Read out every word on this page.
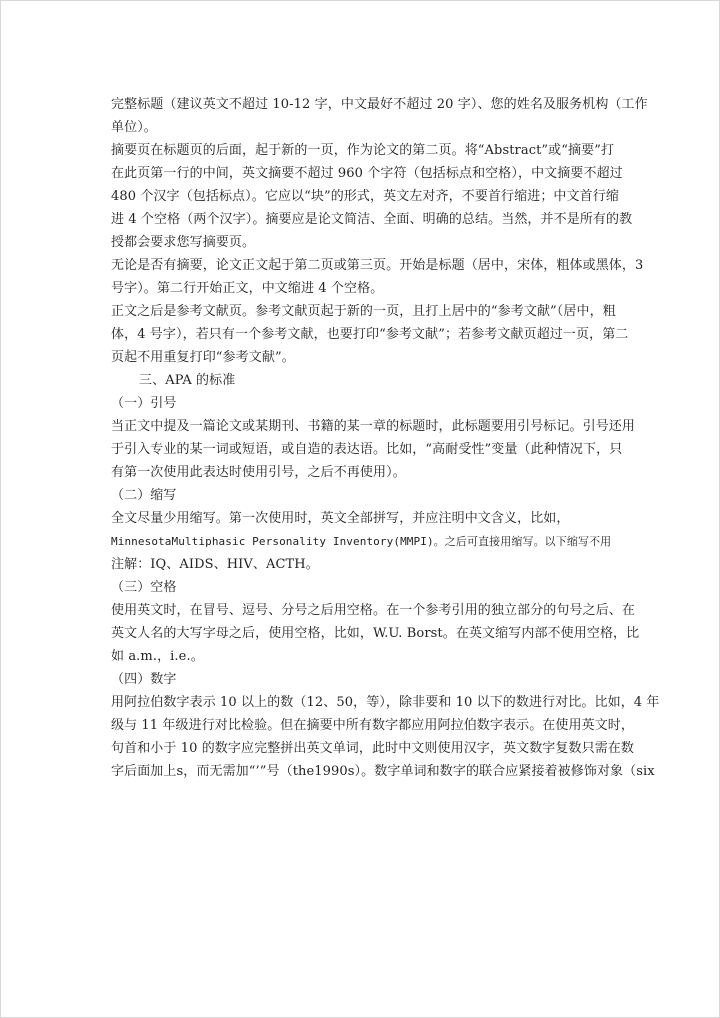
完整标题（建议英文不超过 10-12 字，中文最好不超过 20 字）、您的姓名及服务机构（工作

单位）。

摘要页在标题页的后面，起于新的一页，作为论文的第二页。将“Abstract”或“摘要”打

在此页第一行的中间，英文摘要不超过 960 个字符（包括标点和空格），中文摘要不超过

480 个汉字（包括标点）。它应以“块”的形式，英文左对齐，不要首行缩进；中文首行缩

进 4 个空格（两个汉字）。摘要应是论文简洁、全面、明确的总结。当然，并不是所有的教

授都会要求您写摘要页。

无论是否有摘要，论文正文起于第二页或第三页。开始是标题（居中，宋体，粗体或黑体，3

号字）。第二行开始正文，中文缩进 4 个空格。

正文之后是参考文献页。参考文献页起于新的一页，且打上居中的“参考文献”（居中，粗

体，4 号字），若只有一个参考文献，也要打印“参考文献”；若参考文献页超过一页，第二

页起不用重复打印“参考文献”。

三、APA 的标准

（一）引号

当正文中提及一篇论文或某期刊、书籍的某一章的标题时，此标题要用引号标记。引号还用

于引入专业的某一词或短语，或自造的表达语。比如，“高耐受性”变量（此种情况下，只

有第一次使用此表达时使用引号，之后不再使用）。

（二）缩写

全文尽量少用缩写。第一次使用时，英文全部拼写，并应注明中文含义，比如，

MinnesotaMultiphasic Personality Inventory(MMPI)。之后可直接用缩写。以下缩写不用

注解：IQ、AIDS、HIV、ACTH。

（三）空格

使用英文时，在冒号、逗号、分号之后用空格。在一个参考引用的独立部分的句号之后、在

英文人名的大写字母之后，使用空格，比如，W.U. Borst。在英文缩写内部不使用空格，比

如 a.m.，i.e.。

（四）数字

用阿拉伯数字表示 10 以上的数（12、50，等），除非要和 10 以下的数进行对比。比如，4 年

级与 11 年级进行对比检验。但在摘要中所有数字都应用阿拉伯数字表示。在使用英文时，

句首和小于 10 的数字应完整拼出英文单词，此时中文则使用汉字，英文数字复数只需在数

字后面加上s，而无需加“’”号（the1990s）。数字单词和数字的联合应紧接着被修饰对象（six
